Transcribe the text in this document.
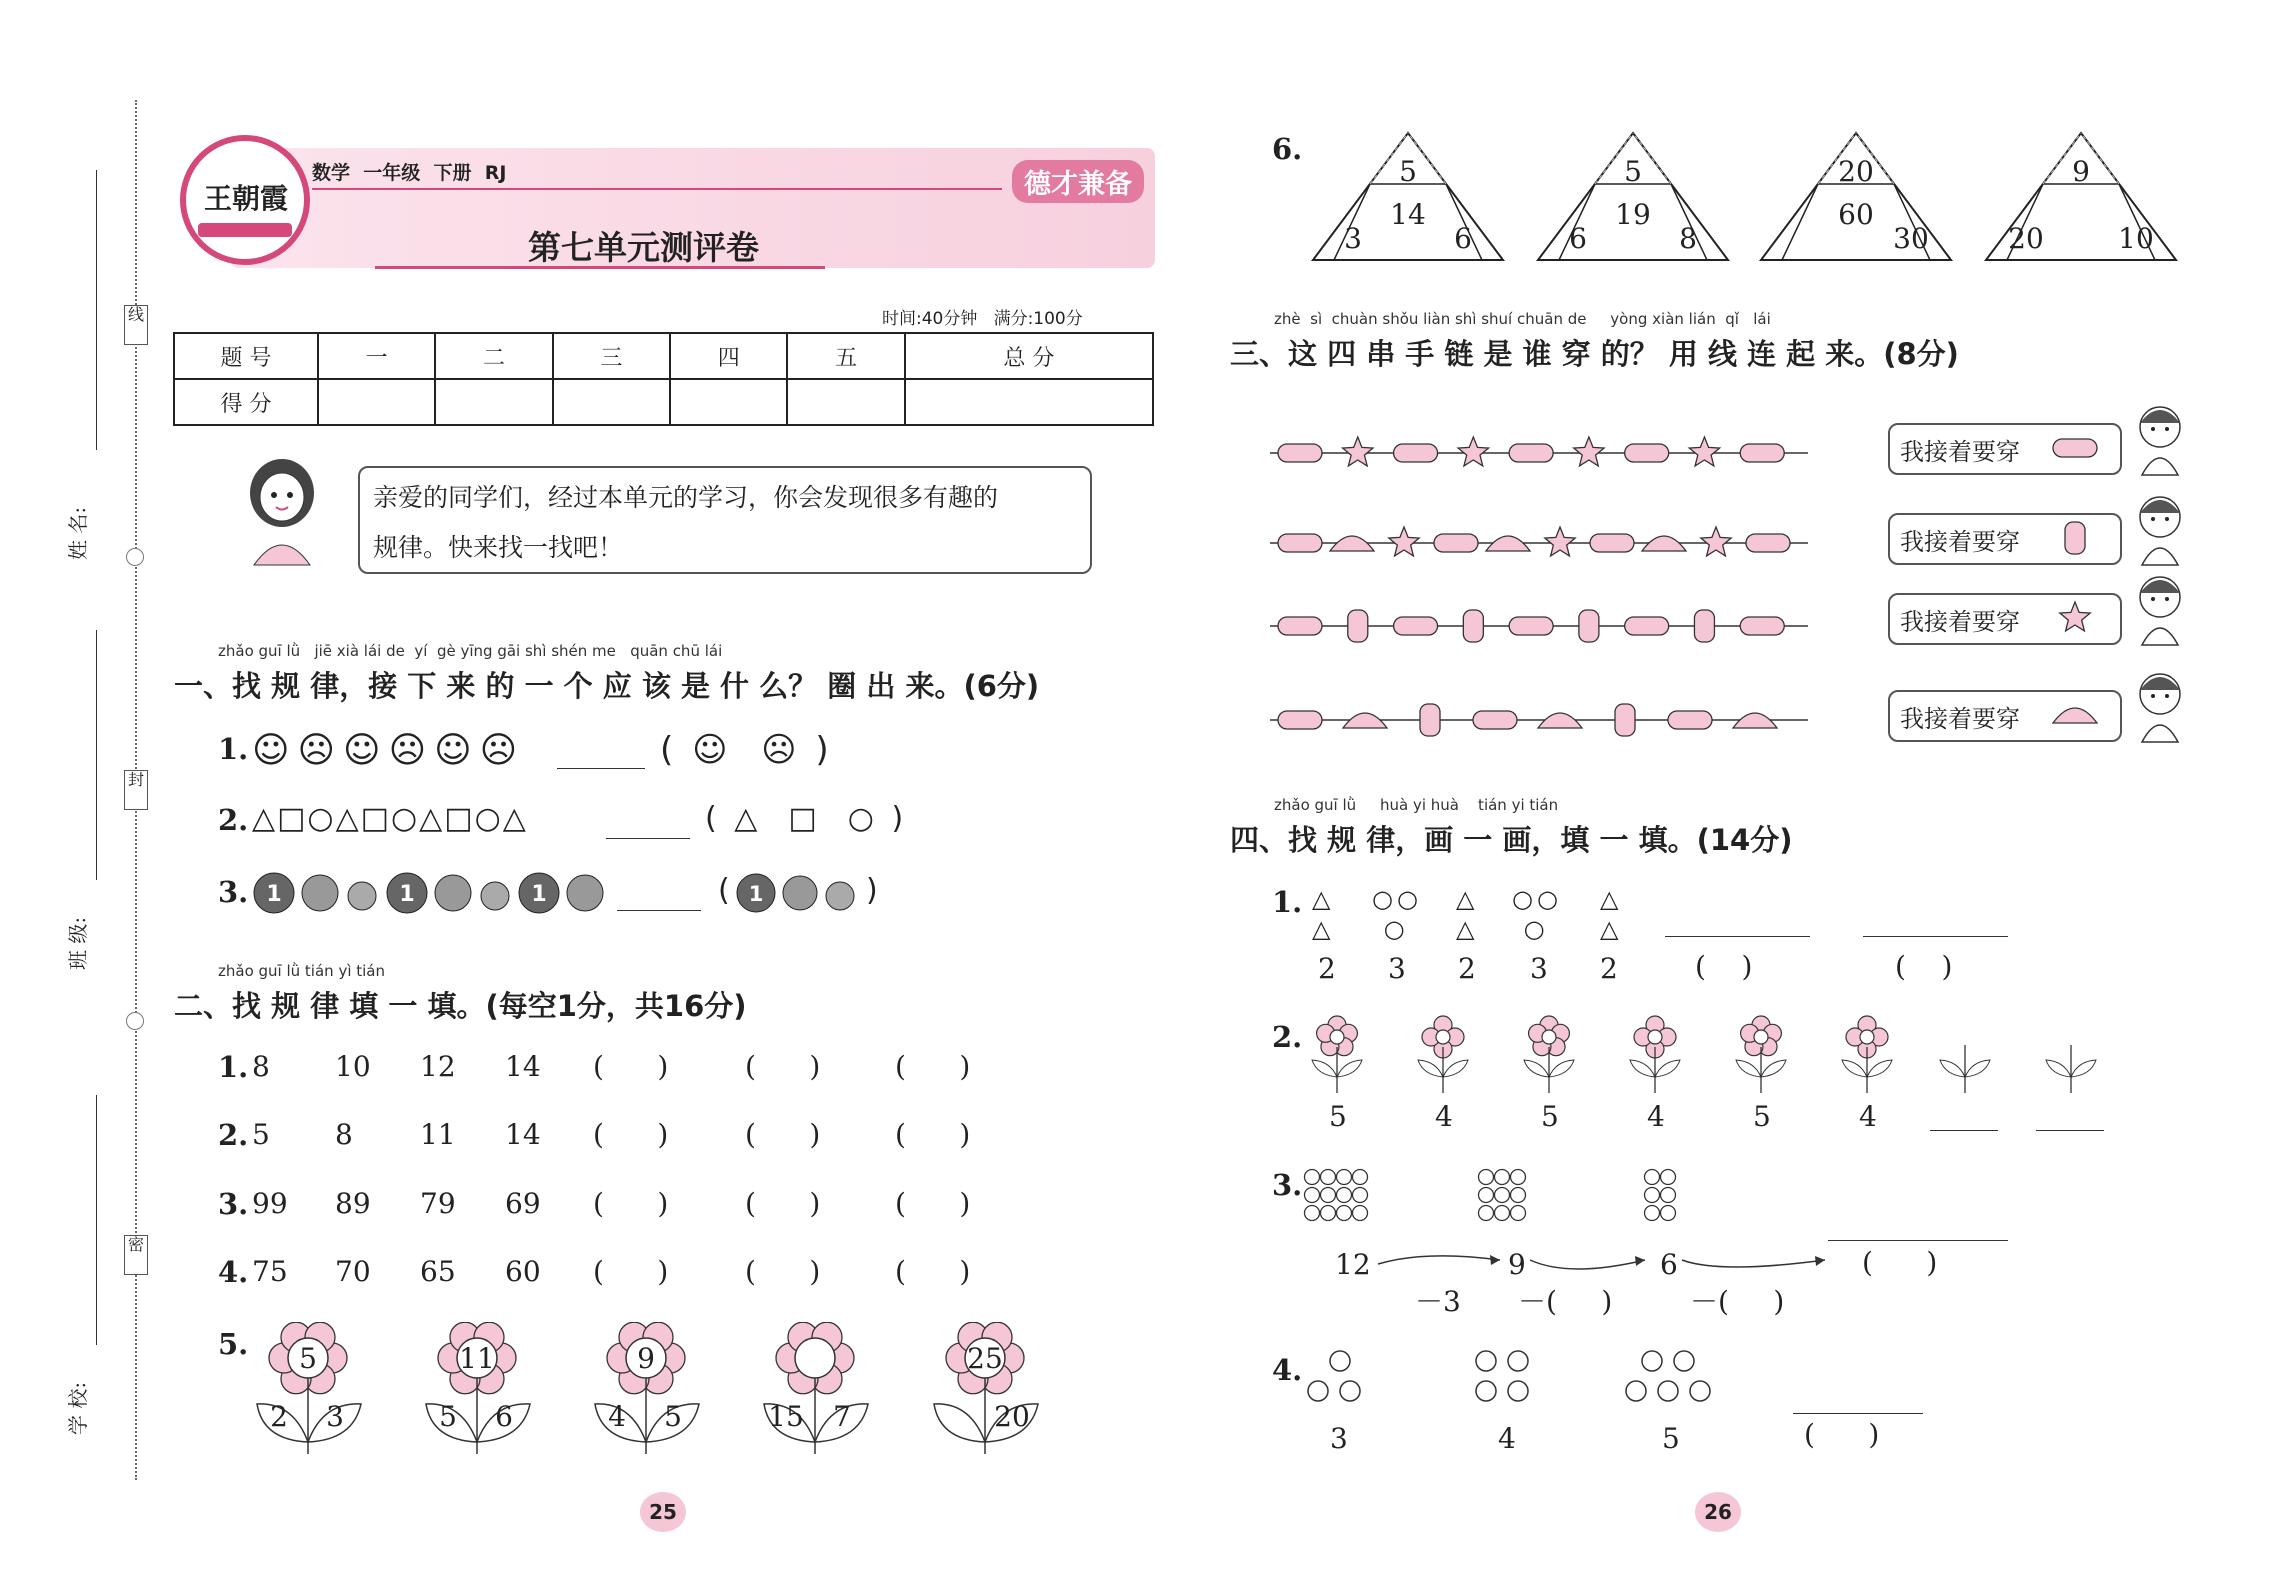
线
封
密
姓 名:
班 级:
学 校:
王朝霞
数学  一年级  下册  RJ
第七单元测评卷
德才兼备
时间:40分钟   满分:100分
题 号	一	二	三	四	五	总 分
得 分						
亲爱的同学们，经过本单元的学习，你会发现很多有趣的
规律。快来找一找吧！
zhǎo guī lǜ   jiē xià lái de  yí  gè yīng gāi shì shén me   quān chū lái
一、找 规 律，接 下 来 的 一 个 应 该 是 什 么？ 圈 出 来。(6分)
1. ☺☹☺☹☺☹	( ☺  ☹ )
2. △□○△□○△□○△	( △  □  ○ )
3. 1	1	1	( 1	)
zhǎo guī lǜ tián yì tián
二、找 规 律 填 一 填。(每空1分，共16分)
5.
25
6.
zhè  sì  chuàn shǒu liàn shì shuí chuān de     yòng xiàn lián  qǐ   lái
三、这 四 串 手 链 是 谁 穿 的？ 用 线 连 起 来。(8分)
zhǎo guī lǜ     huà yi huà    tián yi tián
四、找 规 律，画 一 画，填 一 填。(14分)
1. △
△
○○
○
△
△
○○
○
△
△
(    )	(    )
2.
3.
(      )
4.
(      )
26
1. 8 10 12 14 (      )	(      )	(      )
2. 5 8 11 14 (      )	(      )	(      )
3. 99 89 79 69 (      )	(      )	(      )
4. 75 70 65 60 (      )	(      )	(      )
5
2	3
11
5	6
9
4	5	15	7
25
20
5
14
3	6
5
19
6	8
20
60
30
9
20	10
我接着要穿
我接着要穿
我接着要穿
我接着要穿
2 3 2 3 2
5	4	5	4	5	4
12	9	6
－3 －(     )	－(     )
3	4	5
